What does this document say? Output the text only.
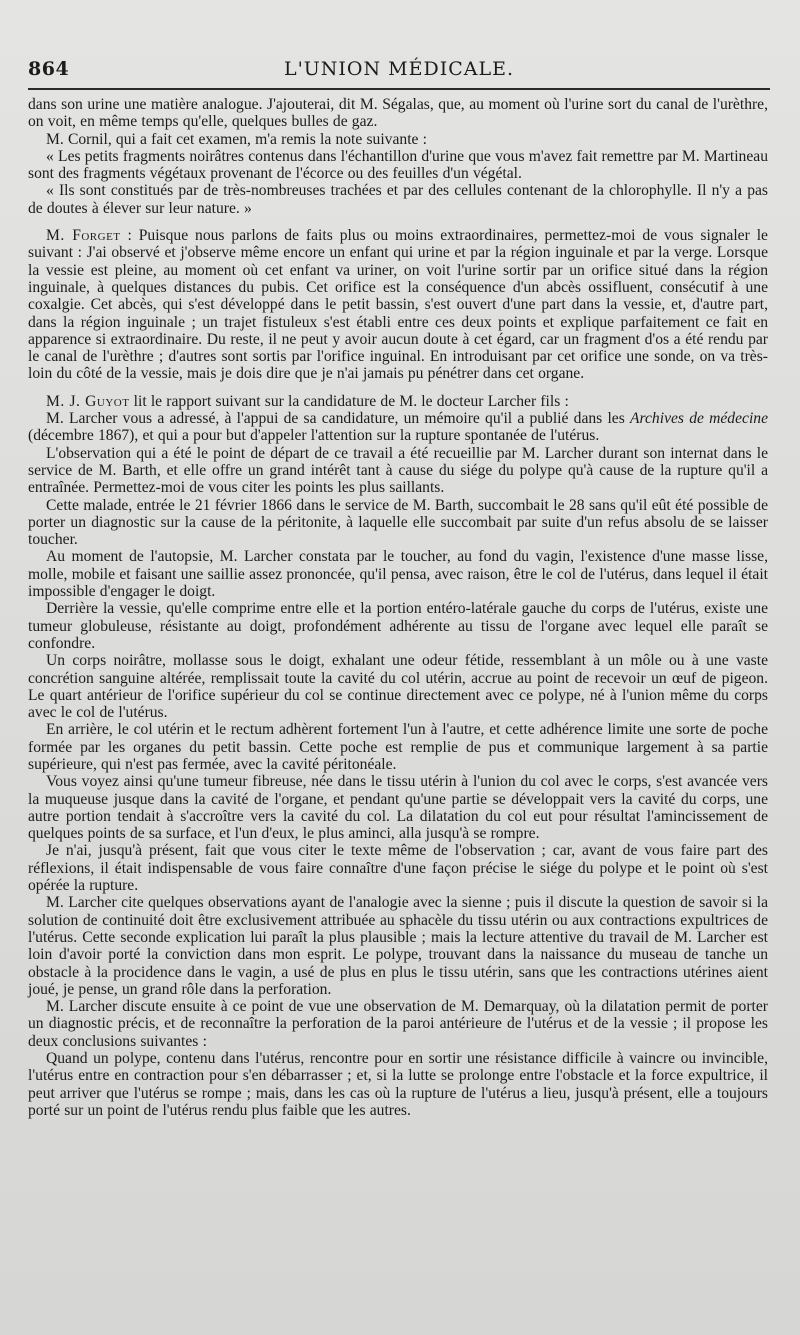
864	L'UNION MÉDICALE.

dans son urine une matière analogue. J'ajouterai, dit M. Ségalas, que, au moment où l'urine sort du canal de l'urèthre, on voit, en même temps qu'elle, quelques bulles de gaz.

M. Cornil, qui a fait cet examen, m'a remis la note suivante :

« Les petits fragments noirâtres contenus dans l'échantillon d'urine que vous m'avez fait remettre par M. Martineau sont des fragments végétaux provenant de l'écorce ou des feuilles d'un végétal.

« Ils sont constitués par de très-nombreuses trachées et par des cellules contenant de la chlorophylle. Il n'y a pas de doutes à élever sur leur nature. »

M. Forget : Puisque nous parlons de faits plus ou moins extraordinaires, permettez-moi de vous signaler le suivant : J'ai observé et j'observe même encore un enfant qui urine et par la région inguinale et par la verge. Lorsque la vessie est pleine, au moment où cet enfant va uriner, on voit l'urine sortir par un orifice situé dans la région inguinale, à quelques distances du pubis. Cet orifice est la conséquence d'un abcès ossifluent, consécutif à une coxalgie. Cet abcès, qui s'est développé dans le petit bassin, s'est ouvert d'une part dans la vessie, et, d'autre part, dans la région inguinale ; un trajet fistuleux s'est établi entre ces deux points et explique parfaitement ce fait en apparence si extraordinaire. Du reste, il ne peut y avoir aucun doute à cet égard, car un fragment d'os a été rendu par le canal de l'urèthre ; d'autres sont sortis par l'orifice inguinal. En introduisant par cet orifice une sonde, on va très-loin du côté de la vessie, mais je dois dire que je n'ai jamais pu pénétrer dans cet organe.

M. J. Guyot lit le rapport suivant sur la candidature de M. le docteur Larcher fils :

M. Larcher vous a adressé, à l'appui de sa candidature, un mémoire qu'il a publié dans les Archives de médecine (décembre 1867), et qui a pour but d'appeler l'attention sur la rupture spontanée de l'utérus.

L'observation qui a été le point de départ de ce travail a été recueillie par M. Larcher durant son internat dans le service de M. Barth, et elle offre un grand intérêt tant à cause du siége du polype qu'à cause de la rupture qu'il a entraînée. Permettez-moi de vous citer les points les plus saillants.

Cette malade, entrée le 21 février 1866 dans le service de M. Barth, succombait le 28 sans qu'il eût été possible de porter un diagnostic sur la cause de la péritonite, à laquelle elle succombait par suite d'un refus absolu de se laisser toucher.

Au moment de l'autopsie, M. Larcher constata par le toucher, au fond du vagin, l'existence d'une masse lisse, molle, mobile et faisant une saillie assez prononcée, qu'il pensa, avec raison, être le col de l'utérus, dans lequel il était impossible d'engager le doigt.

Derrière la vessie, qu'elle comprime entre elle et la portion entéro-latérale gauche du corps de l'utérus, existe une tumeur globuleuse, résistante au doigt, profondément adhérente au tissu de l'organe avec lequel elle paraît se confondre.

Un corps noirâtre, mollasse sous le doigt, exhalant une odeur fétide, ressemblant à un môle ou à une vaste concrétion sanguine altérée, remplissait toute la cavité du col utérin, accrue au point de recevoir un œuf de pigeon. Le quart antérieur de l'orifice supérieur du col se continue directement avec ce polype, né à l'union même du corps avec le col de l'utérus.

En arrière, le col utérin et le rectum adhèrent fortement l'un à l'autre, et cette adhérence limite une sorte de poche formée par les organes du petit bassin. Cette poche est remplie de pus et communique largement à sa partie supérieure, qui n'est pas fermée, avec la cavité péritonéale.

Vous voyez ainsi qu'une tumeur fibreuse, née dans le tissu utérin à l'union du col avec le corps, s'est avancée vers la muqueuse jusque dans la cavité de l'organe, et pendant qu'une partie se développait vers la cavité du corps, une autre portion tendait à s'accroître vers la cavité du col. La dilatation du col eut pour résultat l'amincissement de quelques points de sa surface, et l'un d'eux, le plus aminci, alla jusqu'à se rompre.

Je n'ai, jusqu'à présent, fait que vous citer le texte même de l'observation ; car, avant de vous faire part des réflexions, il était indispensable de vous faire connaître d'une façon précise le siége du polype et le point où s'est opérée la rupture.

M. Larcher cite quelques observations ayant de l'analogie avec la sienne ; puis il discute la question de savoir si la solution de continuité doit être exclusivement attribuée au sphacèle du tissu utérin ou aux contractions expultrices de l'utérus. Cette seconde explication lui paraît la plus plausible ; mais la lecture attentive du travail de M. Larcher est loin d'avoir porté la conviction dans mon esprit. Le polype, trouvant dans la naissance du museau de tanche un obstacle à la procidence dans le vagin, a usé de plus en plus le tissu utérin, sans que les contractions utérines aient joué, je pense, un grand rôle dans la perforation.

M. Larcher discute ensuite à ce point de vue une observation de M. Demarquay, où la dilatation permit de porter un diagnostic précis, et de reconnaître la perforation de la paroi antérieure de l'utérus et de la vessie ; il propose les deux conclusions suivantes :

Quand un polype, contenu dans l'utérus, rencontre pour en sortir une résistance difficile à vaincre ou invincible, l'utérus entre en contraction pour s'en débarrasser ; et, si la lutte se prolonge entre l'obstacle et la force expultrice, il peut arriver que l'utérus se rompe ; mais, dans les cas où la rupture de l'utérus a lieu, jusqu'à présent, elle a toujours porté sur un point de l'utérus rendu plus faible que les autres.
